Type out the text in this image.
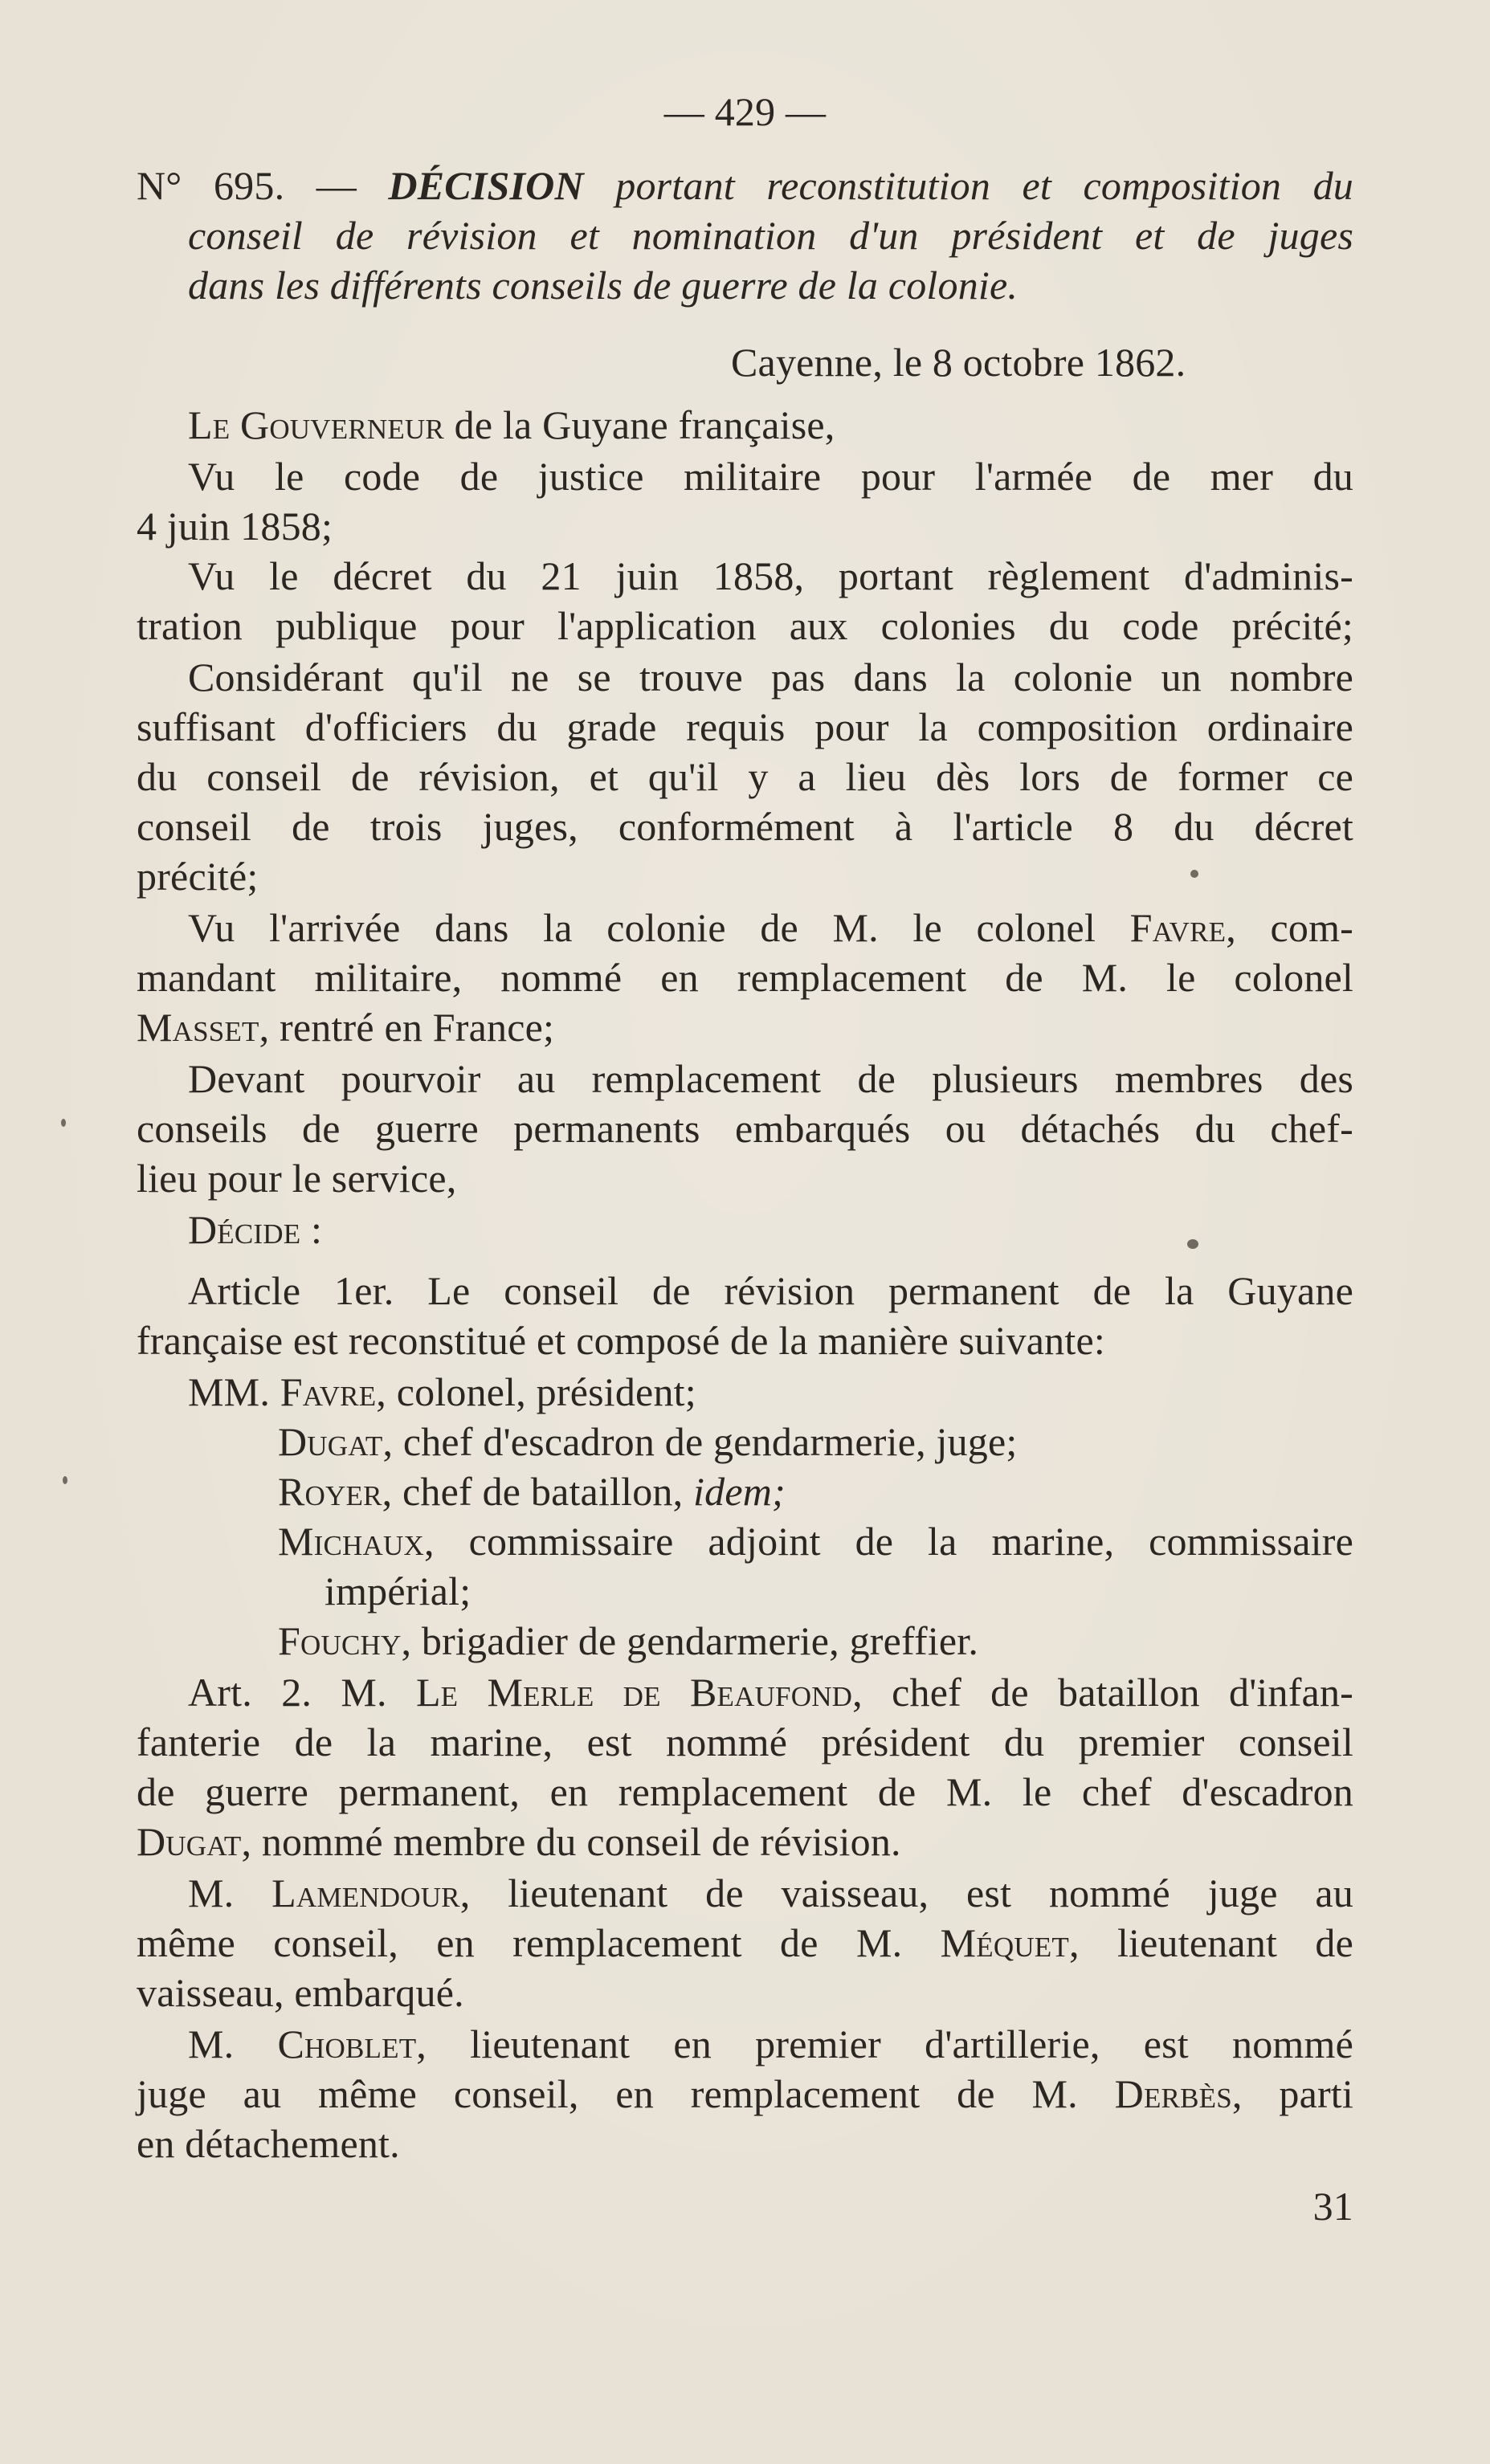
— 429 —
N° 695. — DÉCISION portant reconstitution et composition du
conseil de révision et nomination d'un président et de juges
dans les différents conseils de guerre de la colonie.
Cayenne, le 8 octobre 1862.
Le Gouverneur de la Guyane française,
Vu le code de justice militaire pour l'armée de mer du
4 juin 1858;
Vu le décret du 21 juin 1858, portant règlement d'adminis-
tration publique pour l'application aux colonies du code précité;
Considérant qu'il ne se trouve pas dans la colonie un nombre
suffisant d'officiers du grade requis pour la composition ordinaire
du conseil de révision, et qu'il y a lieu dès lors de former ce
conseil de trois juges, conformément à l'article 8 du décret
précité;
Vu l'arrivée dans la colonie de M. le colonel Favre, com-
mandant militaire, nommé en remplacement de M. le colonel
Masset, rentré en France;
Devant pourvoir au remplacement de plusieurs membres des
conseils de guerre permanents embarqués ou détachés du chef-
lieu pour le service,
Décide :
Article 1er. Le conseil de révision permanent de la Guyane
française est reconstitué et composé de la manière suivante:
MM. Favre, colonel, président;
Dugat, chef d'escadron de gendarmerie, juge;
Royer, chef de bataillon, idem;
Michaux, commissaire adjoint de la marine, commissaire
impérial;
Fouchy, brigadier de gendarmerie, greffier.
Art. 2. M. Le Merle de Beaufond, chef de bataillon d'infan-
fanterie de la marine, est nommé président du premier conseil
de guerre permanent, en remplacement de M. le chef d'escadron
Dugat, nommé membre du conseil de révision.
M. Lamendour, lieutenant de vaisseau, est nommé juge au
même conseil, en remplacement de M. Méquet, lieutenant de
vaisseau, embarqué.
M. Choblet, lieutenant en premier d'artillerie, est nommé
juge au même conseil, en remplacement de M. Derbès, parti
en détachement.
31
